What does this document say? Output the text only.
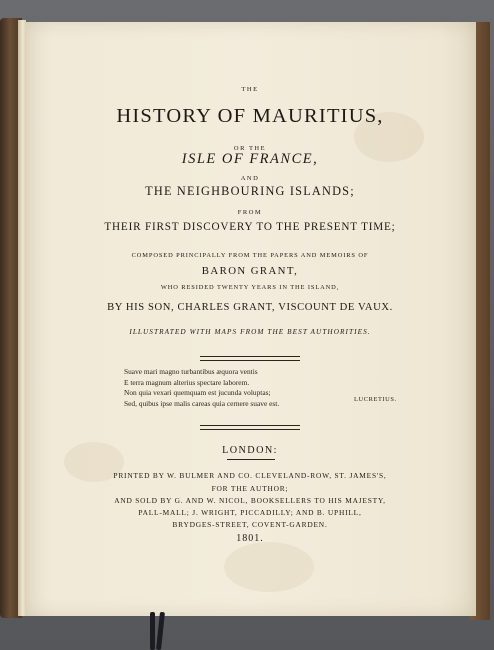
THE
HISTORY OF MAURITIUS,
OR THE
ISLE OF FRANCE,
AND
THE NEIGHBOURING ISLANDS;
FROM
THEIR FIRST DISCOVERY TO THE PRESENT TIME;
COMPOSED PRINCIPALLY FROM THE PAPERS AND MEMOIRS OF
BARON GRANT,
WHO RESIDED TWENTY YEARS IN THE ISLAND,
BY HIS SON, CHARLES GRANT, VISCOUNT DE VAUX.
ILLUSTRATED WITH MAPS FROM THE BEST AUTHORITIES.
Suave mari magno turbantibus æquora ventis
E terra magnum alterius spectare laborem.
Non quia vexari quemquam est jucunda voluptas;
Sed, quibus ipse malis careas quia cernere suave est.	LUCRETIUS.
LONDON:
PRINTED BY W. BULMER AND CO. CLEVELAND-ROW, ST. JAMES'S,
FOR THE AUTHOR;
AND SOLD BY G. AND W. NICOL, BOOKSELLERS TO HIS MAJESTY,
PALL-MALL; J. WRIGHT, PICCADILLY; AND B. UPHILL,
BRYDGES-STREET, COVENT-GARDEN.
1801.
